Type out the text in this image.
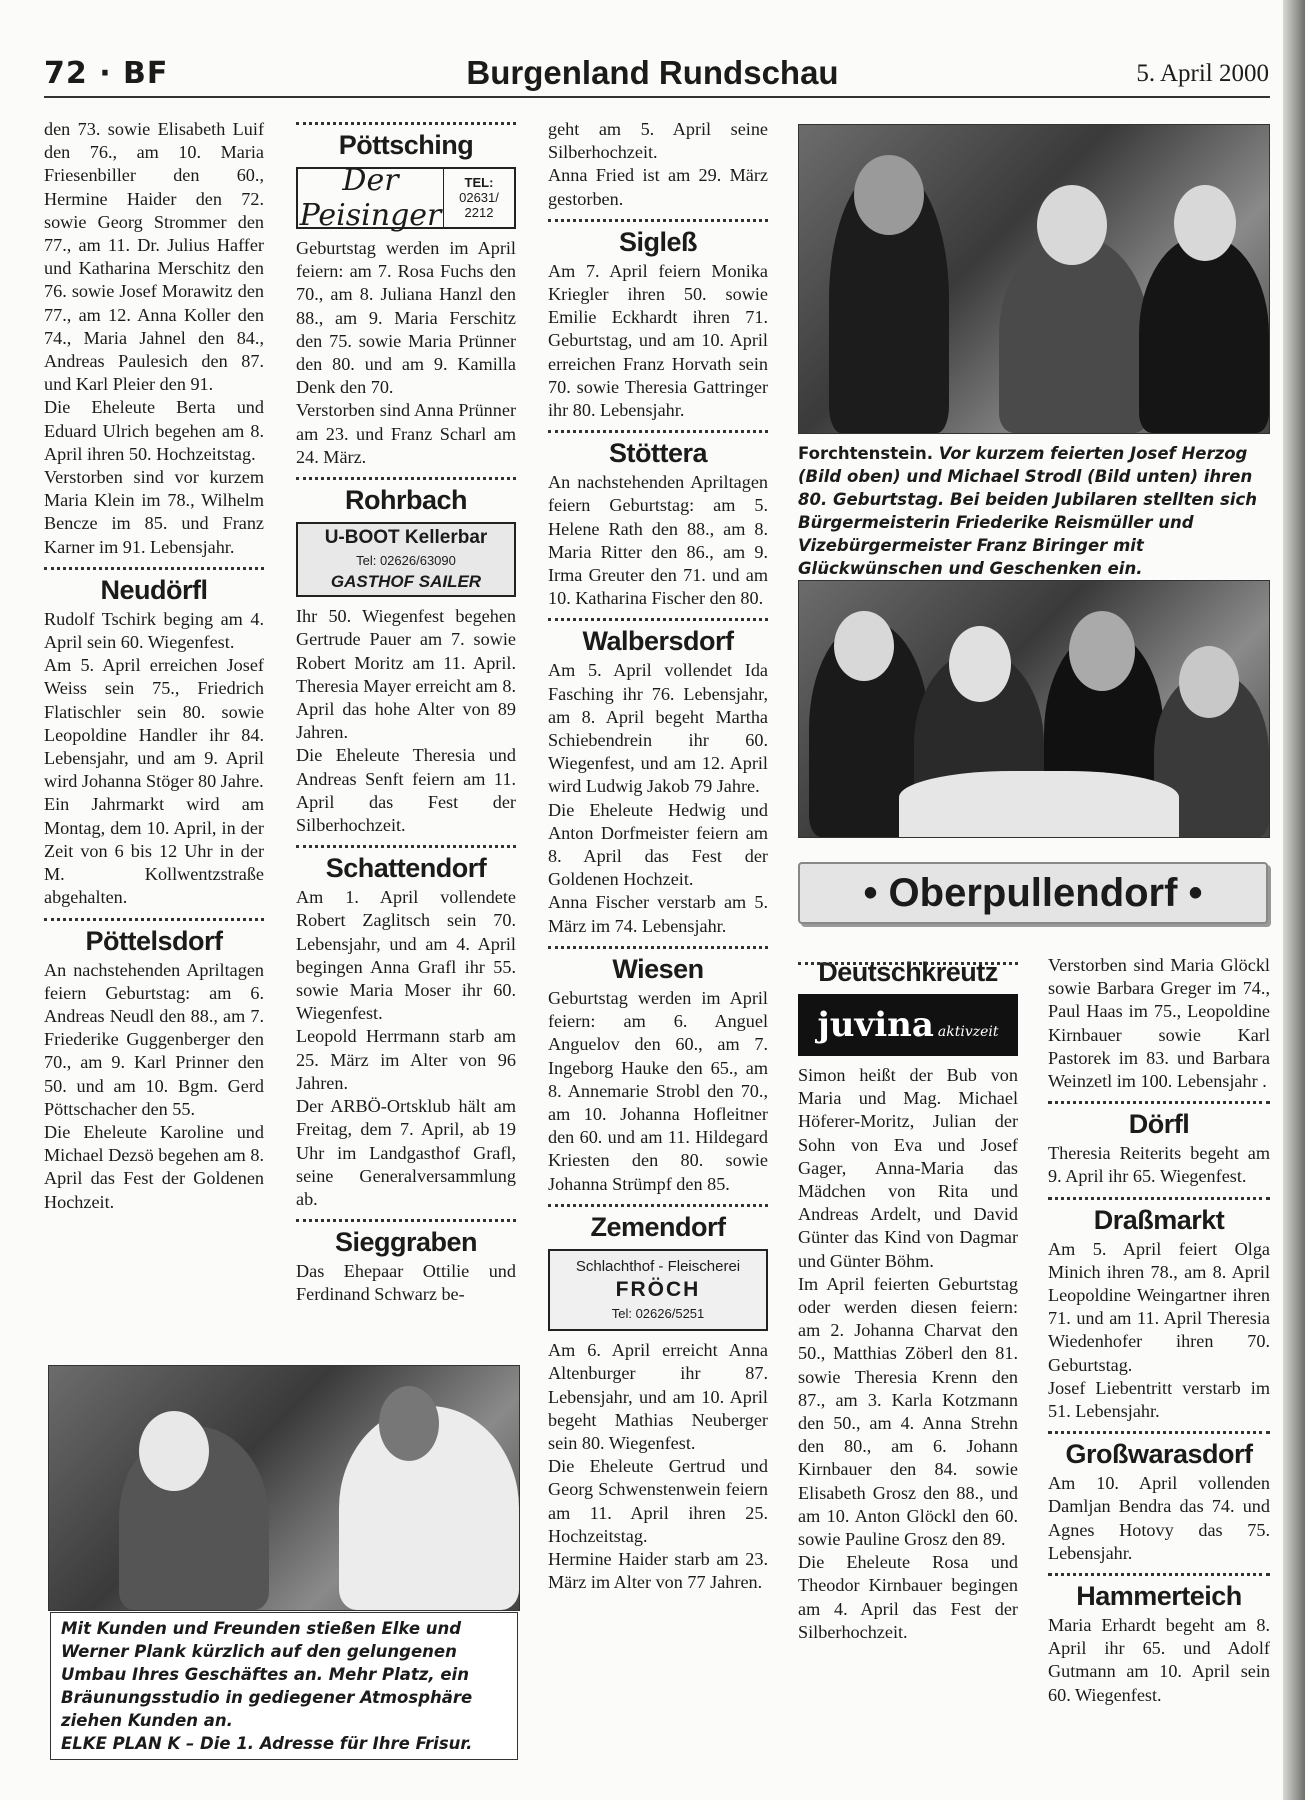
72 · BF	Burgenland Rundschau	5. April 2000

den 73. sowie Elisabeth Luif den 76., am 10. Maria Friesenbiller den 60., Hermine Haider den 72. sowie Georg Strommer den 77., am 11. Dr. Julius Haffer und Katharina Merschitz den 76. sowie Josef Morawitz den 77., am 12. Anna Koller den 74., Maria Jahnel den 84., Andreas Paulesich den 87. und Karl Pleier den 91.

Die Eheleute Berta und Eduard Ulrich begehen am 8. April ihren 50. Hochzeitstag.

Verstorben sind vor kurzem Maria Klein im 78., Wilhelm Bencze im 85. und Franz Karner im 91. Lebensjahr.

Neudörfl

Rudolf Tschirk beging am 4. April sein 60. Wiegenfest.

Am 5. April erreichen Josef Weiss sein 75., Friedrich Flatischler sein 80. sowie Leopoldine Handler ihr 84. Lebensjahr, und am 9. April wird Johanna Stöger 80 Jahre.

Ein Jahrmarkt wird am Montag, dem 10. April, in der Zeit von 6 bis 12 Uhr in der M. Kollwentzstraße abgehalten.

Pöttelsdorf

An nachstehenden Apriltagen feiern Geburtstag: am 6. Andreas Neudl den 88., am 7. Friederike Guggenberger den 70., am 9. Karl Prinner den 50. und am 10. Bgm. Gerd Pöttschacher den 55.

Die Eheleute Karoline und Michael Dezsö begehen am 8. April das Fest der Goldenen Hochzeit.

Pöttsching
Der Peisinger
TEL:
02631/ 2212

Geburtstag werden im April feiern: am 7. Rosa Fuchs den 70., am 8. Juliana Hanzl den 88., am 9. Maria Ferschitz den 75. sowie Maria Prünner den 80. und am 9. Kamilla Denk den 70.

Verstorben sind Anna Prünner am 23. und Franz Scharl am 24. März.

Rohrbach
U-BOOT Kellerbar
Tel: 02626/63090
GASTHOF SAILER

Ihr 50. Wiegenfest begehen Gertrude Pauer am 7. sowie Robert Moritz am 11. April. Theresia Mayer erreicht am 8. April das hohe Alter von 89 Jahren.

Die Eheleute Theresia und Andreas Senft feiern am 11. April das Fest der Silberhochzeit.

Schattendorf

Am 1. April vollendete Robert Zaglitsch sein 70. Lebensjahr, und am 4. April begingen Anna Grafl ihr 55. sowie Maria Moser ihr 60. Wiegenfest.

Leopold Herrmann starb am 25. März im Alter von 96 Jahren.

Der ARBÖ-Ortsklub hält am Freitag, dem 7. April, ab 19 Uhr im Landgasthof Grafl, seine Generalversammlung ab.

Sieggraben

Das Ehepaar Ottilie und Ferdinand Schwarz be-

geht am 5. April seine Silberhochzeit.

Anna Fried ist am 29. März gestorben.

Sigleß

Am 7. April feiern Monika Kriegler ihren 50. sowie Emilie Eckhardt ihren 71. Geburtstag, und am 10. April erreichen Franz Horvath sein 70. sowie Theresia Gattringer ihr 80. Lebensjahr.

Stöttera

An nachstehenden Apriltagen feiern Geburtstag: am 5. Helene Rath den 88., am 8. Maria Ritter den 86., am 9. Irma Greuter den 71. und am 10. Katharina Fischer den 80.

Walbersdorf

Am 5. April vollendet Ida Fasching ihr 76. Lebensjahr, am 8. April begeht Martha Schiebendrein ihr 60. Wiegenfest, und am 12. April wird Ludwig Jakob 79 Jahre.

Die Eheleute Hedwig und Anton Dorfmeister feiern am 8. April das Fest der Goldenen Hochzeit.

Anna Fischer verstarb am 5. März im 74. Lebensjahr.

Wiesen

Geburtstag werden im April feiern: am 6. Anguel Anguelov den 60., am 7. Ingeborg Hauke den 65., am 8. Annemarie Strobl den 70., am 10. Johanna Hofleitner den 60. und am 11. Hildegard Kriesten den 80. sowie Johanna Strümpf den 85.

Zemendorf
Schlachthof - Fleischerei
FRÖCH
Tel: 02626/5251

Am 6. April erreicht Anna Altenburger ihr 87. Lebensjahr, und am 10. April begeht Mathias Neuberger sein 80. Wiegenfest.

Die Eheleute Gertrud und Georg Schwenstenwein feiern am 11. April ihren 25. Hochzeitstag.

Hermine Haider starb am 23. März im Alter von 77 Jahren.

Forchtenstein. Vor kurzem feierten Josef Herzog (Bild oben) und Michael Strodl (Bild unten) ihren 80. Geburtstag. Bei beiden Jubilaren stellten sich Bürgermeisterin Friederike Reismüller und Vizebürgermeister Franz Biringer mit Glückwünschen und Geschenken ein.
• Oberpullendorf •
Deutschkreutz
juvina aktivzeit

Simon heißt der Bub von Maria und Mag. Michael Höferer-Moritz, Julian der Sohn von Eva und Josef Gager, Anna-Maria das Mädchen von Rita und Andreas Ardelt, und David Günter das Kind von Dagmar und Günter Böhm.

Im April feierten Geburtstag oder werden diesen feiern: am 2. Johanna Charvat den 50., Matthias Zöberl den 81. sowie Theresia Krenn den 87., am 3. Karla Kotzmann den 50., am 4. Anna Strehn den 80., am 6. Johann Kirnbauer den 84. sowie Elisabeth Grosz den 88., und am 10. Anton Glöckl den 60. sowie Pauline Grosz den 89.

Die Eheleute Rosa und Theodor Kirnbauer begingen am 4. April das Fest der Silberhochzeit.

Verstorben sind Maria Glöckl sowie Barbara Greger im 74., Paul Haas im 75., Leopoldine Kirnbauer sowie Karl Pastorek im 83. und Barbara Weinzetl im 100. Lebensjahr .

Dörfl

Theresia Reiterits begeht am 9. April ihr 65. Wiegenfest.

Draßmarkt

Am 5. April feiert Olga Minich ihren 78., am 8. April Leopoldine Weingartner ihren 71. und am 11. April Theresia Wiedenhofer ihren 70. Geburtstag.

Josef Liebentritt verstarb im 51. Lebensjahr.

Großwarasdorf

Am 10. April vollenden Damljan Bendra das 74. und Agnes Hotovy das 75. Lebensjahr.

Hammerteich

Maria Erhardt begeht am 8. April ihr 65. und Adolf Gutmann am 10. April sein 60. Wiegenfest.

Mit Kunden und Freunden stießen Elke und Werner Plank kürzlich auf den gelungenen Umbau Ihres Geschäftes an. Mehr Platz, ein Bräunungsstudio in gediegener Atmosphäre ziehen Kunden an.
ELKE PLAN K – Die 1. Adresse für Ihre Frisur.
